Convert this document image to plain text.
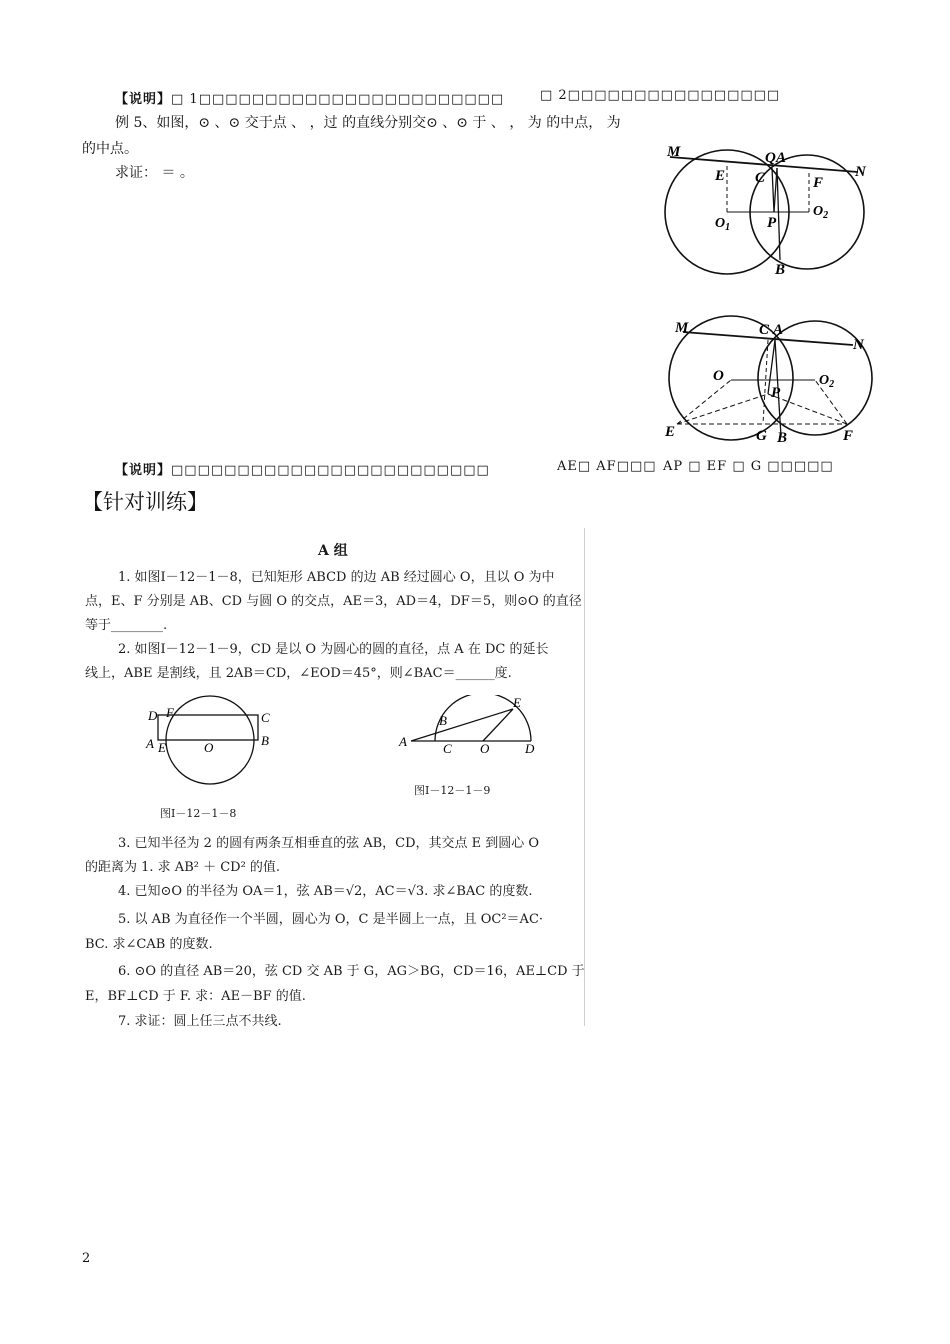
【说明】□ 1□□□□□□□□□□□□□□□□□□□□□□□	□ 2□□□□□□□□□□□□□□□□
例 5、如图，⊙ 、⊙ 交于点 、 ，过 的直线分别交⊙ 、⊙ 于 、 ， 为 的中点， 为
的中点。
求证： ＝ 。
M	Q A
N
E C	F
$O_1$ P
$O_2$
B
M	C A
N
O	$O_2$
P
E	G B	F
【说明】□□□□□□□□□□□□□□□□□□□□□□□□	AE□ AF□□□ AP □ EF □ G □□□□□
【针对训练】
A 组
1. 如图Ⅰ－12－1－8，已知矩形 ABCD 的边 AB 经过圆心 O，且以 O 为中
点，E、F 分别是 AB、CD 与圆 O 的交点，AE＝3，AD＝4，DF＝5，则⊙O 的直径
等于________.
2. 如图Ⅰ－12－1－9，CD 是以 O 为圆心的圆的直径，点 A 在 DC 的延长
线上，ABE 是割线，且 2AB＝CD，∠EOD＝45°，则∠BAC＝______度.
D F	C
A E	O	B
图Ⅰ－12－1－8
E
B
A	C O	D
图Ⅰ－12－1－9
3. 已知半径为 2 的圆有两条互相垂直的弦 AB，CD，其交点 E 到圆心 O
的距离为 1. 求 AB² ＋ CD² 的值.
4. 已知⊙O 的半径为 OA＝1，弦 AB＝√2，AC＝√3. 求∠BAC 的度数.
5. 以 AB 为直径作一个半圆，圆心为 O，C 是半圆上一点，且 OC²＝AC·
BC. 求∠CAB 的度数.
6. ⊙O 的直径 AB＝20，弦 CD 交 AB 于 G，AG＞BG，CD＝16，AE⊥CD 于
E，BF⊥CD 于 F. 求：AE－BF 的值.
7. 求证：圆上任三点不共线.
2
